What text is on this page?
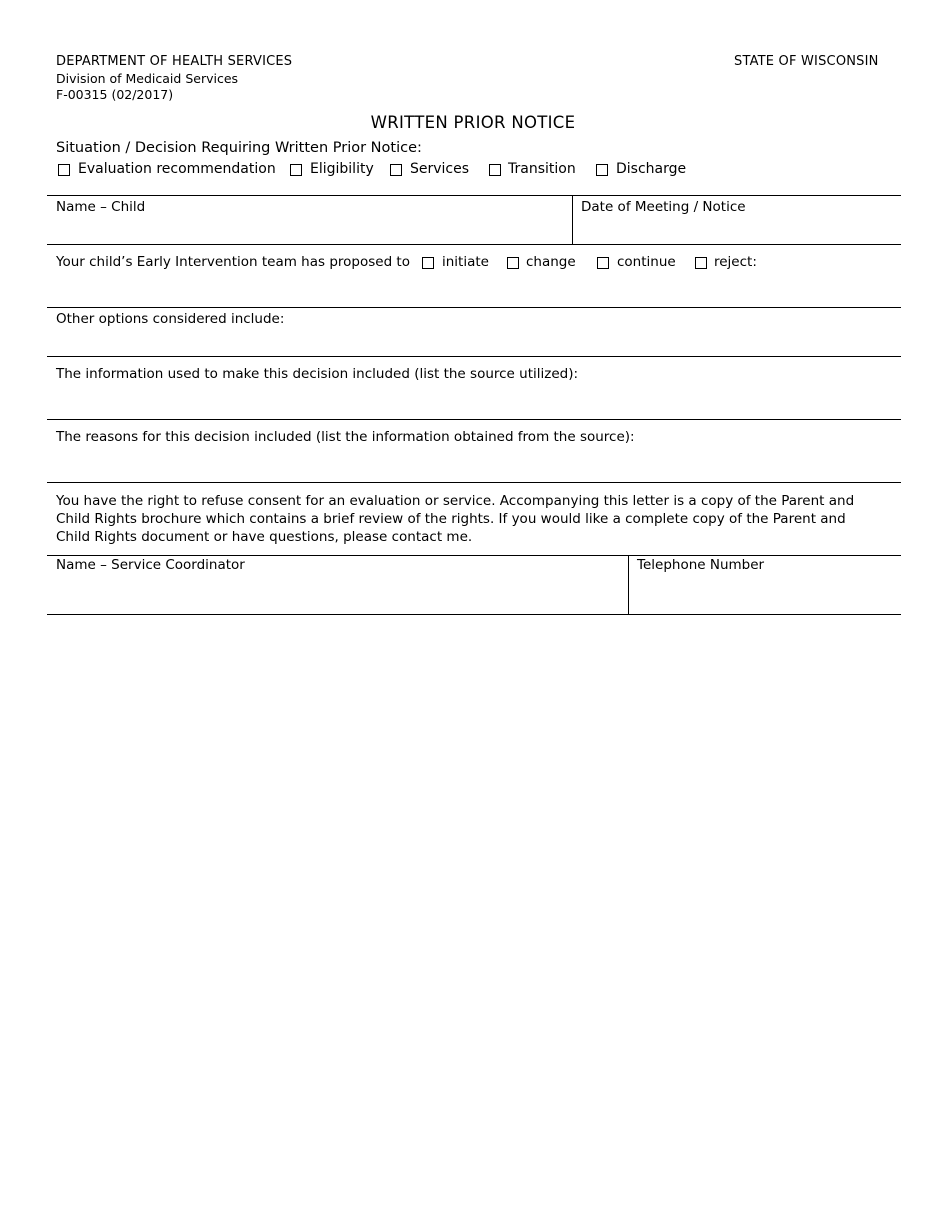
DEPARTMENT OF HEALTH SERVICES
Division of Medicaid Services
F-00315 (02/2017)
STATE OF WISCONSIN
WRITTEN PRIOR NOTICE
Situation / Decision Requiring Written Prior Notice:
Evaluation recommendation Eligibility	Services	Transition	Discharge
Name – Child	Date of Meeting / Notice
Your child’s Early Intervention team has proposed to initiate	change	continue	reject:
Other options considered include:
The information used to make this decision included (list the source utilized):
The reasons for this decision included (list the information obtained from the source):
You have the right to refuse consent for an evaluation or service. Accompanying this letter is a copy of the Parent and Child Rights brochure which contains a brief review of the rights. If you would like a complete copy of the Parent and Child Rights document or have questions, please contact me.
Name – Service Coordinator	Telephone Number
